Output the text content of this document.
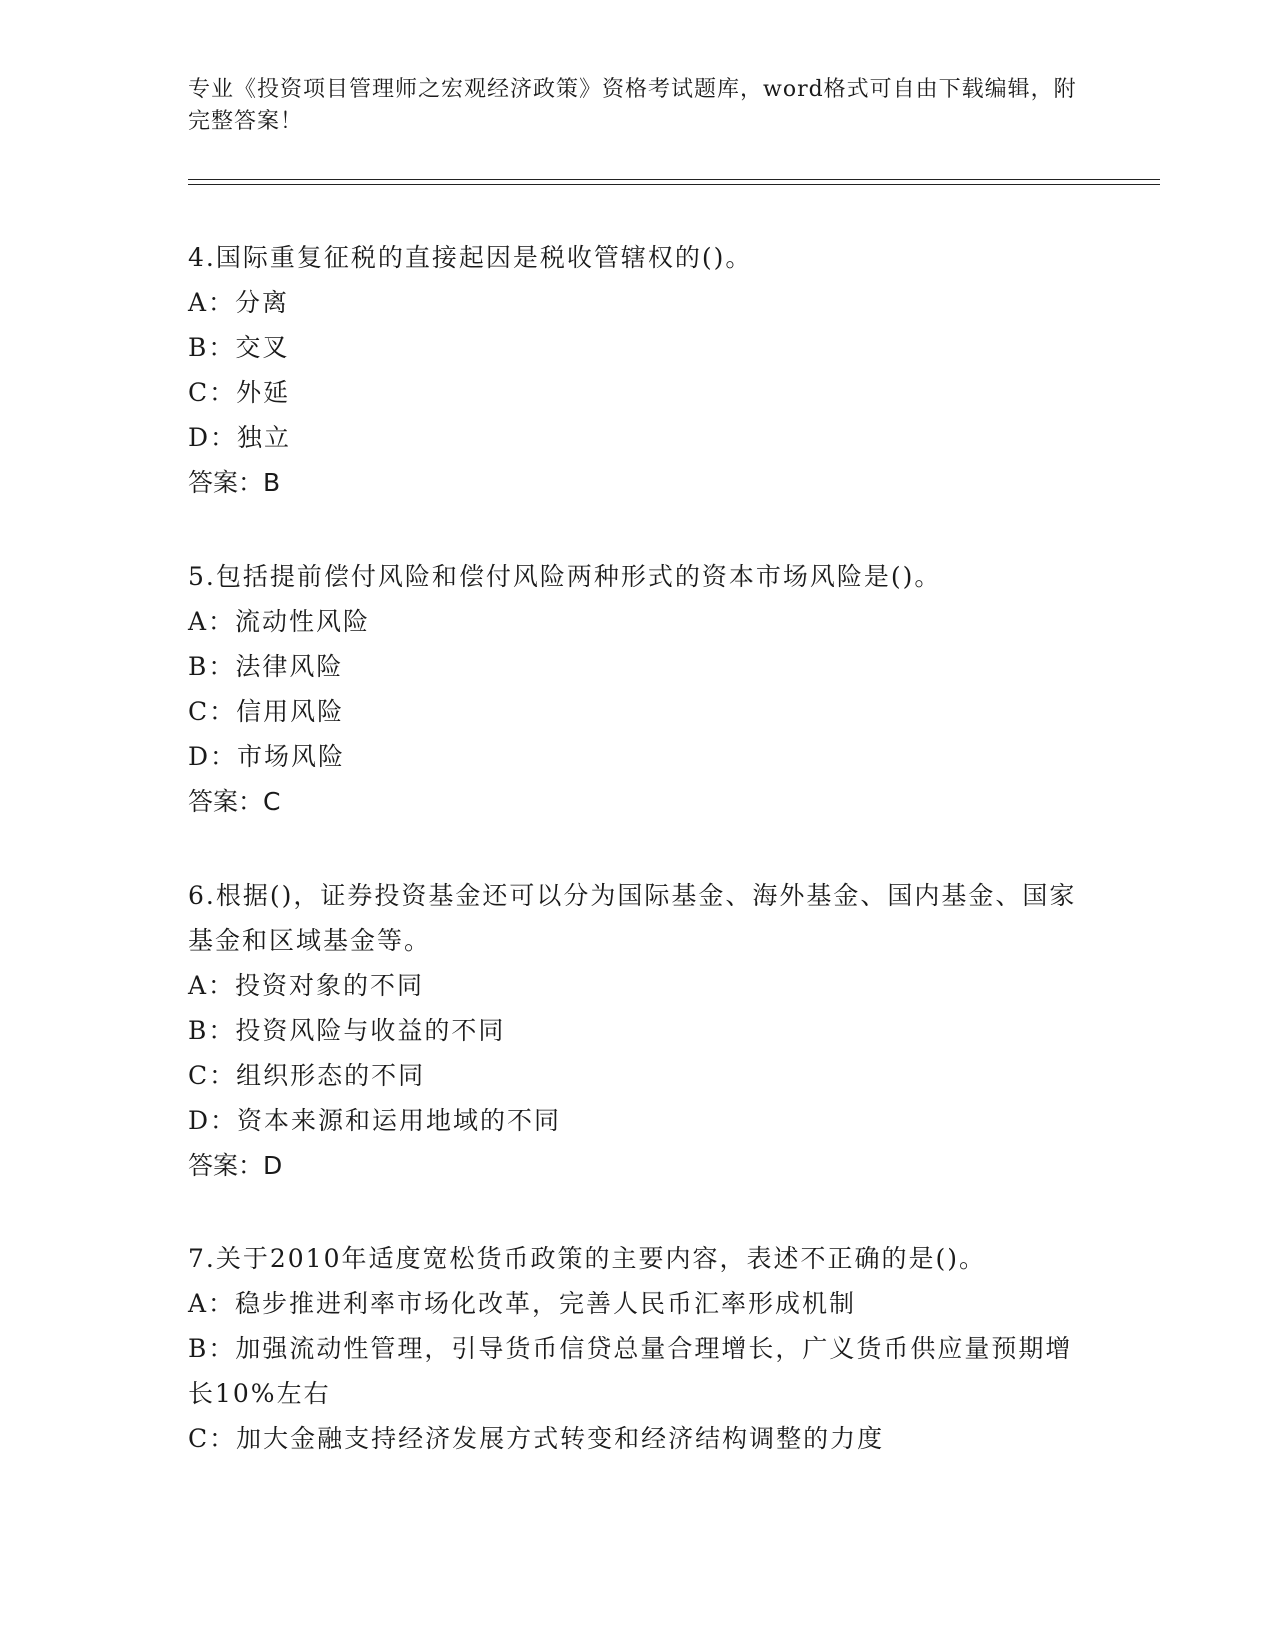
专业《投资项目管理师之宏观经济政策》资格考试题库，word格式可自由下载编辑，附完整答案！

4.国际重复征税的直接起因是税收管辖权的()。

A：分离

B：交叉

C：外延

D：独立

答案：B

5.包括提前偿付风险和偿付风险两种形式的资本市场风险是()。

A：流动性风险

B：法律风险

C：信用风险

D：市场风险

答案：C

6.根据()，证券投资基金还可以分为国际基金、海外基金、国内基金、国家基金和区域基金等。

A：投资对象的不同

B：投资风险与收益的不同

C：组织形态的不同

D：资本来源和运用地域的不同

答案：D

7.关于2010年适度宽松货币政策的主要内容，表述不正确的是()。

A：稳步推进利率市场化改革，完善人民币汇率形成机制

B：加强流动性管理，引导货币信贷总量合理增长，广义货币供应量预期增长10%左右

C：加大金融支持经济发展方式转变和经济结构调整的力度
